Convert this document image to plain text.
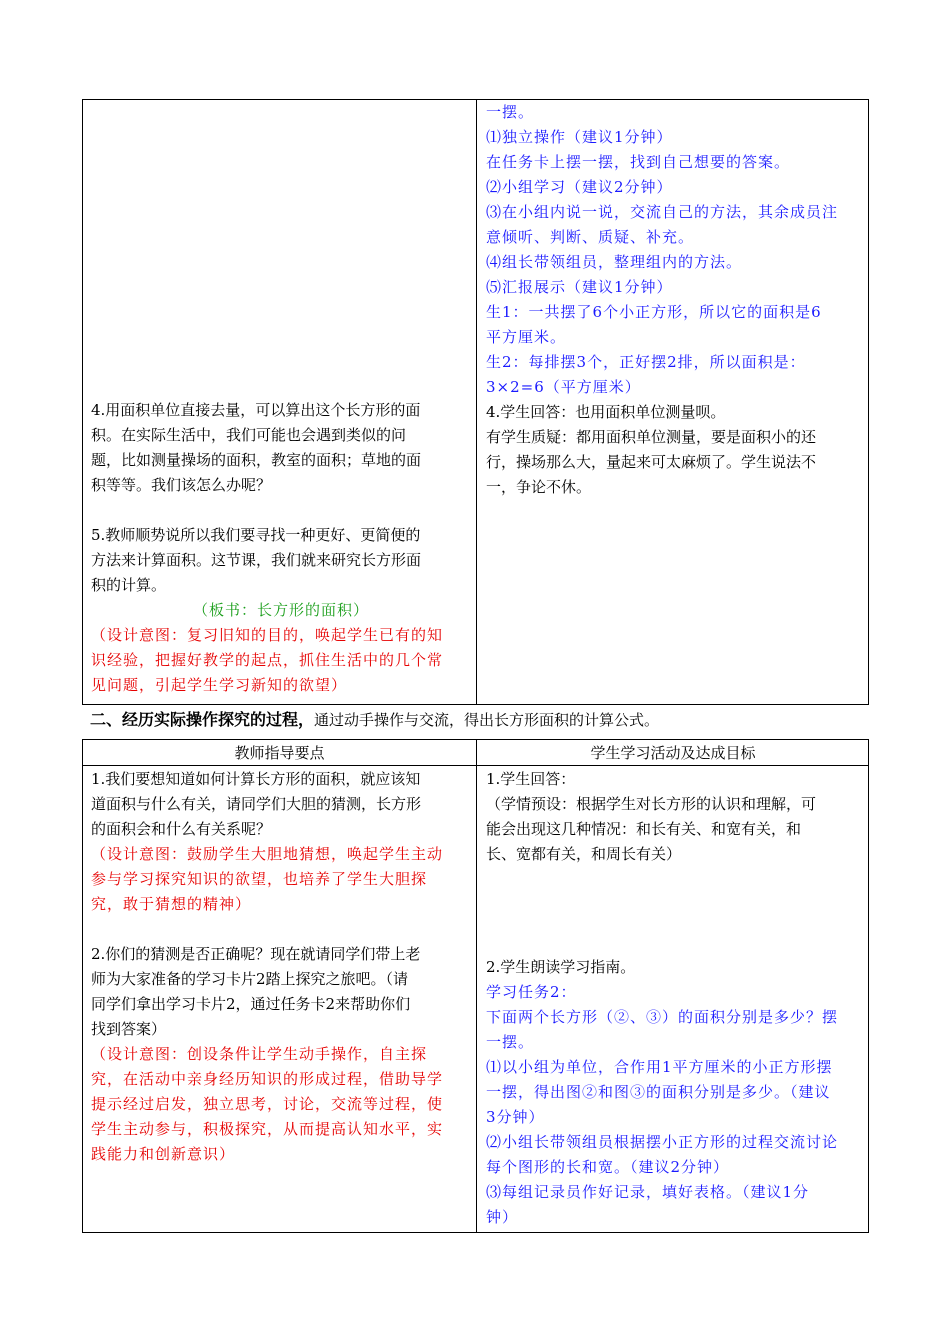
一摆。
⑴独立操作（建议1分钟）
在任务卡上摆一摆，找到自己想要的答案。
⑵小组学习（建议2分钟）
⑶在小组内说一说，交流自己的方法，其余成员注
意倾听、判断、质疑、补充。
⑷组长带领组员，整理组内的方法。
⑸汇报展示（建议1分钟）
生1：一共摆了6个小正方形，所以它的面积是6
平方厘米。
生2：每排摆3个，正好摆2排，所以面积是：
3×2=6（平方厘米）
4.学生回答：也用面积单位测量呗。
有学生质疑：都用面积单位测量，要是面积小的还
行，操场那么大，量起来可太麻烦了。学生说法不
一，争论不休。
4.用面积单位直接去量，可以算出这个长方形的面
积。在实际生活中，我们可能也会遇到类似的问
题，比如测量操场的面积，教室的面积；草地的面
积等等。我们该怎么办呢？
5.教师顺势说所以我们要寻找一种更好、更简便的
方法来计算面积。这节课，我们就来研究长方形面
积的计算。
（板书：长方形的面积）
（设计意图：复习旧知的目的，唤起学生已有的知
识经验，把握好教学的起点，抓住生活中的几个常
见问题，引起学生学习新知的欲望）
二、经历实际操作探究的过程，通过动手操作与交流，得出长方形面积的计算公式。
教师指导要点	学生学习活动及达成目标
1.我们要想知道如何计算长方形的面积，就应该知
道面积与什么有关，请同学们大胆的猜测，长方形
的面积会和什么有关系呢？
（设计意图：鼓励学生大胆地猜想，唤起学生主动
参与学习探究知识的欲望，也培养了学生大胆探
究，敢于猜想的精神）
2.你们的猜测是否正确呢？现在就请同学们带上老
师为大家准备的学习卡片2踏上探究之旅吧。（请
同学们拿出学习卡片2，通过任务卡2来帮助你们
找到答案）
（设计意图：创设条件让学生动手操作，自主探
究，在活动中亲身经历知识的形成过程，借助导学
提示经过启发，独立思考，讨论，交流等过程，使
学生主动参与，积极探究，从而提高认知水平，实
践能力和创新意识）
1.学生回答：
（学情预设：根据学生对长方形的认识和理解，可
能会出现这几种情况：和长有关、和宽有关，和
长、宽都有关，和周长有关）
2.学生朗读学习指南。
学习任务2：
下面两个长方形（②、③）的面积分别是多少？摆
一摆。
⑴以小组为单位，合作用1平方厘米的小正方形摆
一摆，得出图②和图③的面积分别是多少。（建议
3分钟）
⑵小组长带领组员根据摆小正方形的过程交流讨论
每个图形的长和宽。（建议2分钟）
⑶每组记录员作好记录，填好表格。（建议1分
钟）
